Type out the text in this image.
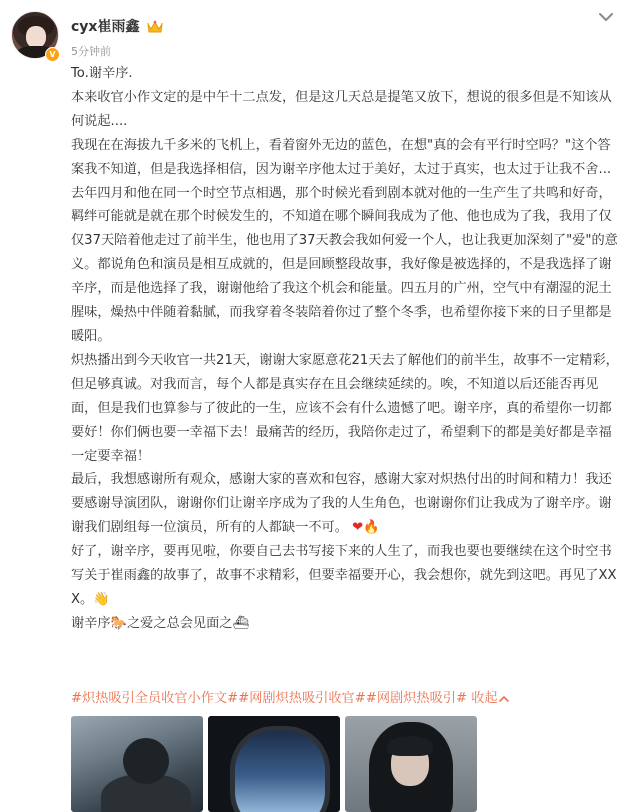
V
cyx崔雨鑫
5分钟前

To.谢辛序.

本来收官小作文定的是中午十二点发，但是这几天总是提笔又放下，想说的很多但是不知该从何说起....

我现在在海拔九千多米的飞机上，看着窗外无边的蓝色，在想"真的会有平行时空吗？"这个答案我不知道，但是我选择相信，因为谢辛序他太过于美好，太过于真实，也太过于让我不舍...

去年四月和他在同一个时空节点相遇，那个时候光看到剧本就对他的一生产生了共鸣和好奇，羁绊可能就是就在那个时候发生的，不知道在哪个瞬间我成为了他、他也成为了我，我用了仅仅37天陪着他走过了前半生，他也用了37天教会我如何爱一个人，也让我更加深刻了"爱"的意义。都说角色和演员是相互成就的，但是回顾整段故事，我好像是被选择的，不是我选择了谢辛序，而是他选择了我，谢谢他给了我这个机会和能量。四五月的广州，空气中有潮湿的泥土腥味，燥热中伴随着黏腻，而我穿着冬装陪着你过了整个冬季，也希望你接下来的日子里都是暖阳。

炽热播出到今天收官一共21天，谢谢大家愿意花21天去了解他们的前半生，故事不一定精彩，但足够真诚。对我而言，每个人都是真实存在且会继续延续的。唉，不知道以后还能否再见面，但是我们也算参与了彼此的一生，应该不会有什么遗憾了吧。谢辛序，真的希望你一切都要好！你们俩也要一幸福下去！最痛苦的经历，我陪你走过了，希望剩下的都是美好都是幸福     一定要幸福！

最后，我想感谢所有观众，感谢大家的喜欢和包容，感谢大家对炽热付出的时间和精力！我还要感谢导演团队，谢谢你们让谢辛序成为了我的人生角色，也谢谢你们让我成为了谢辛序。谢谢我们剧组每一位演员，所有的人都缺一不可。 ❤🔥

好了，谢辛序，要再见啦，你要自己去书写接下来的人生了，而我也要也要继续在这个时空书写关于崔雨鑫的故事了，故事不求精彩，但要幸福要开心，我会想你，就先到这吧。再见了XXX。👋

谢辛序🐎之爱之总会见面之⛴

#炽热吸引全员收官小作文##网剧炽热吸引收官##网剧炽热吸引# 收起
